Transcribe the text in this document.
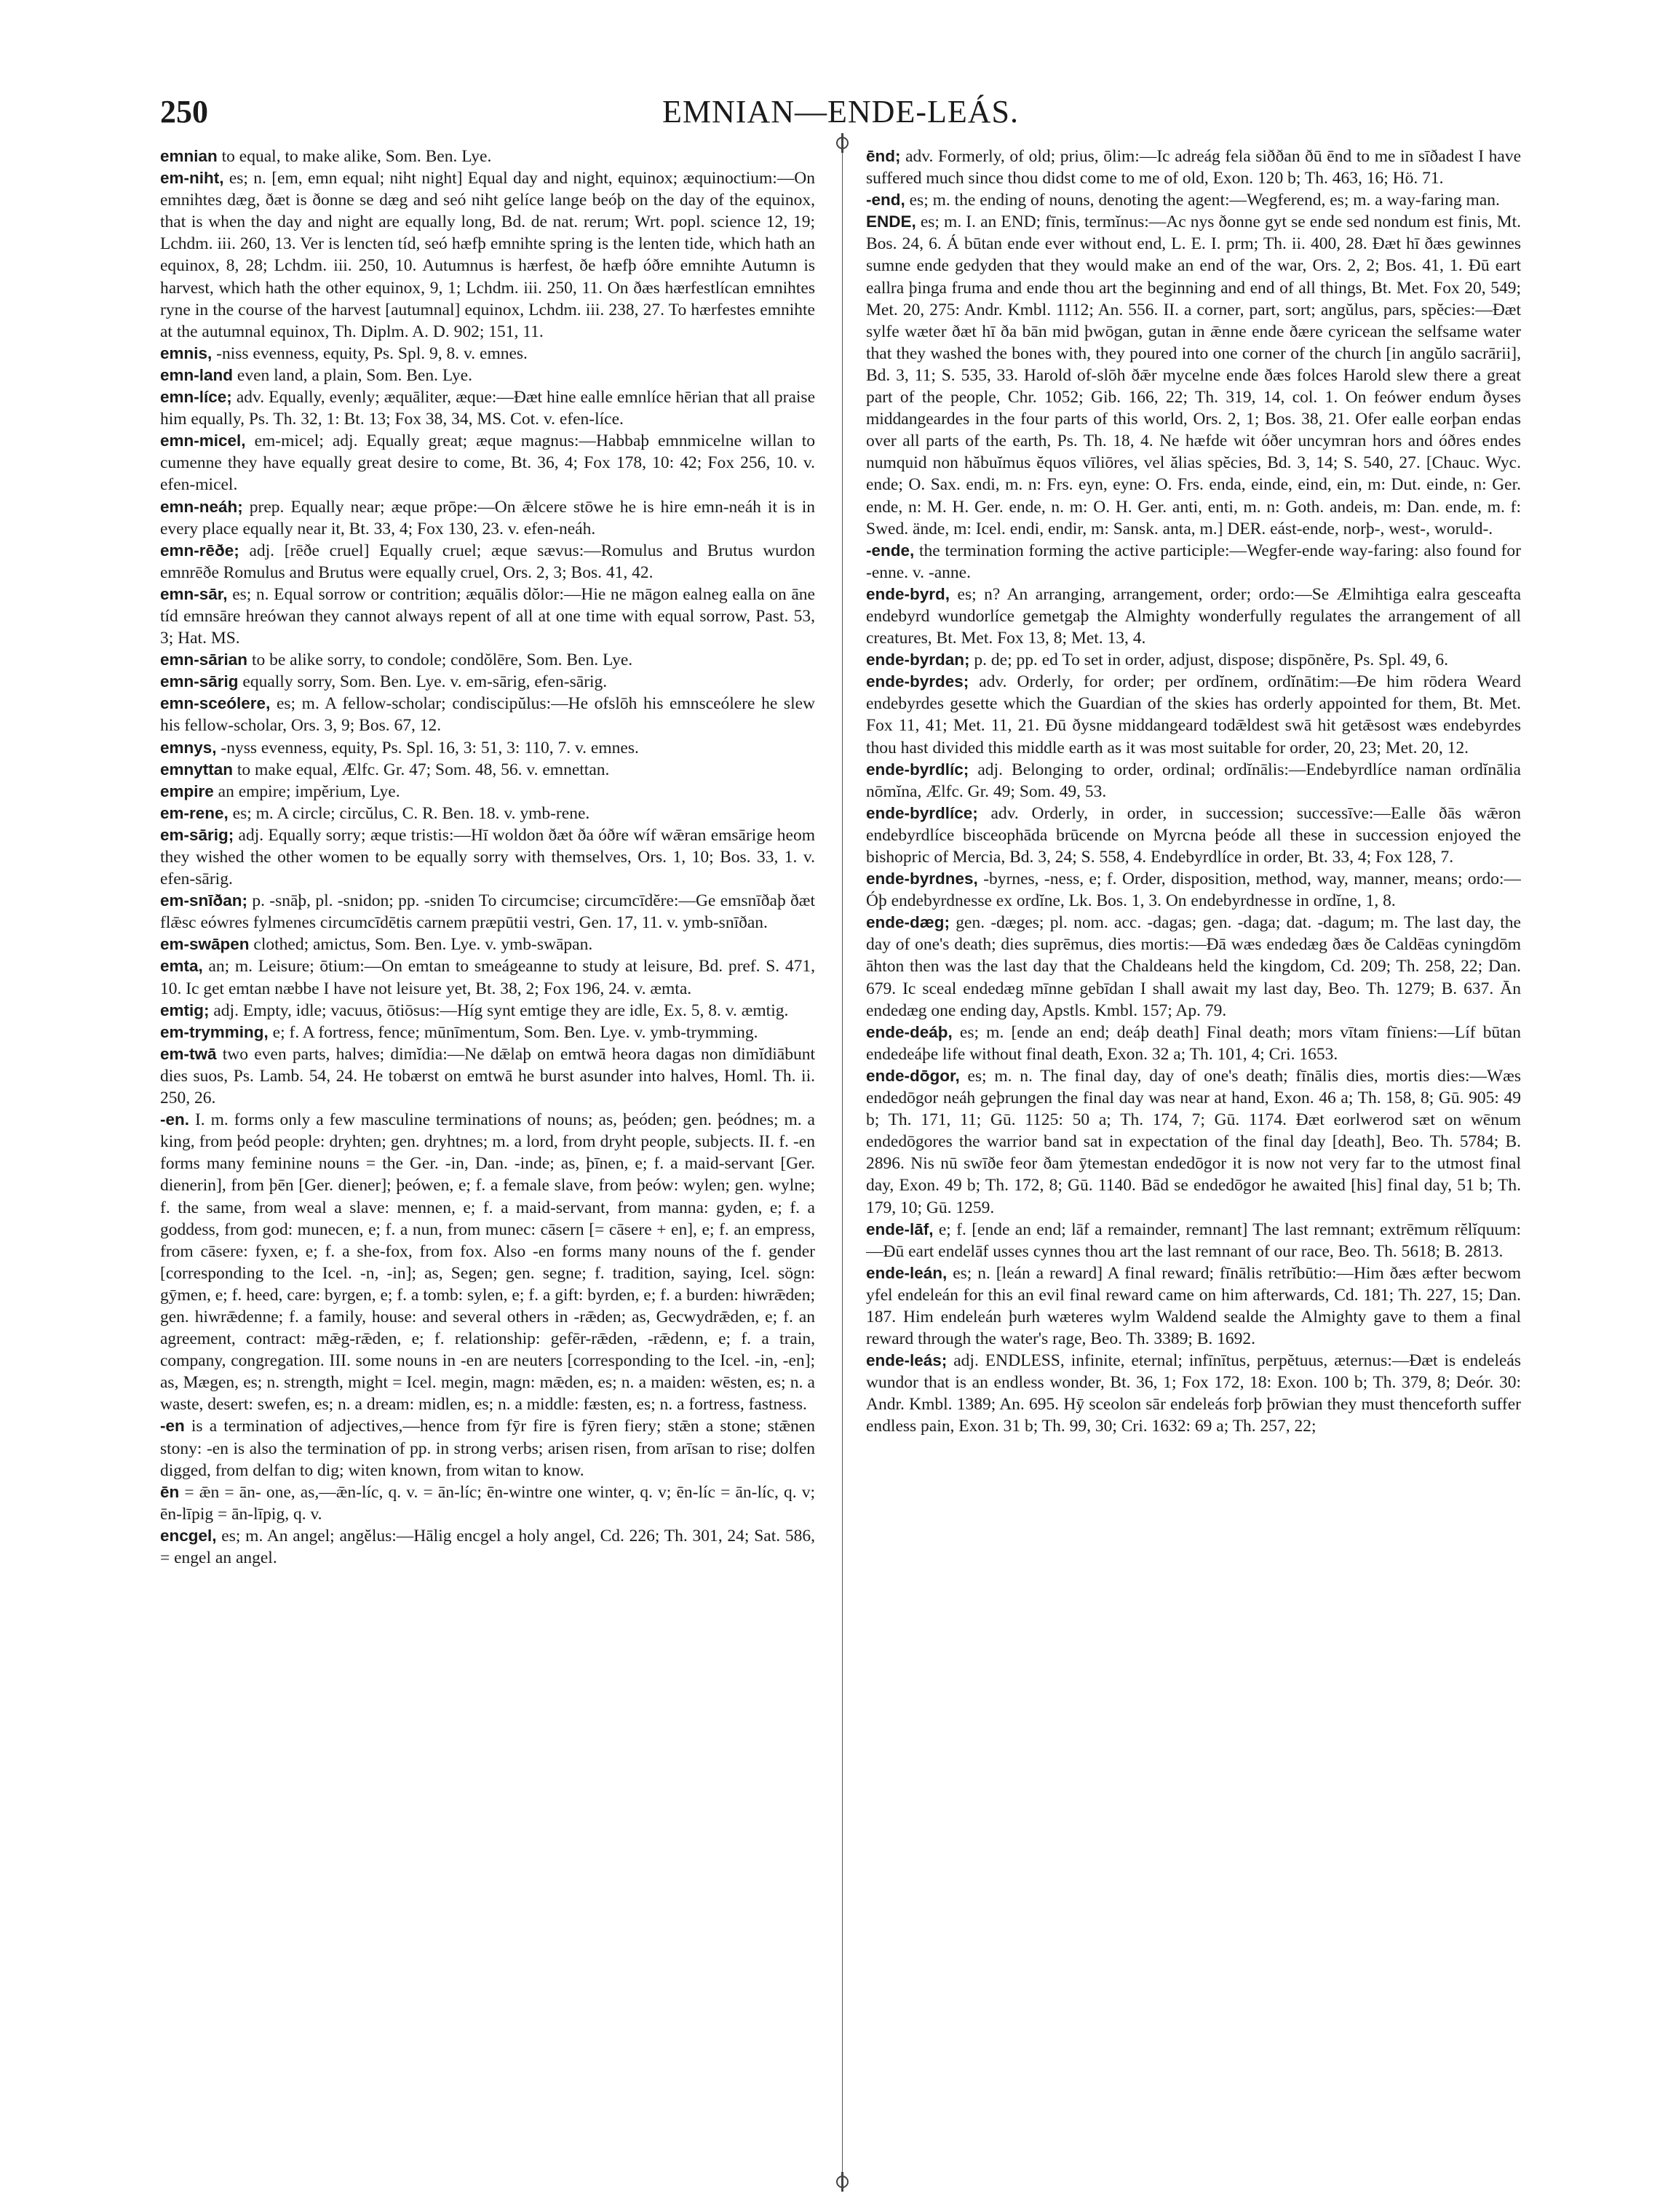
250	EMNIAN—ENDE-LEÁS.

emnian to equal, to make alike, Som. Ben. Lye.

em-niht, es; n. [em, emn equal; niht night] Equal day and night, equinox; æquinoctium:—On emnihtes dæg, ðæt is ðonne se dæg and seó niht gelíce lange beóþ on the day of the equinox, that is when the day and night are equally long, Bd. de nat. rerum; Wrt. popl. science 12, 19; Lchdm. iii. 260, 13. Ver is lencten tíd, seó hæfþ emnihte spring is the lenten tide, which hath an equinox, 8, 28; Lchdm. iii. 250, 10. Autumnus is hærfest, ðe hæfþ óðre emnihte Autumn is harvest, which hath the other equinox, 9, 1; Lchdm. iii. 250, 11. On ðæs hærfestlícan emnihtes ryne in the course of the harvest [autumnal] equinox, Lchdm. iii. 238, 27. To hærfestes emnihte at the autumnal equinox, Th. Diplm. A. D. 902; 151, 11.

emnis, -niss evenness, equity, Ps. Spl. 9, 8. v. emnes.

emn-land even land, a plain, Som. Ben. Lye.

emn-líce; adv. Equally, evenly; æquāliter, æque:—Ðæt hine ealle emnlíce hērian that all praise him equally, Ps. Th. 32, 1: Bt. 13; Fox 38, 34, MS. Cot. v. efen-líce.

emn-micel, em-micel; adj. Equally great; æque magnus:—Habbaþ emnmicelne willan to cumenne they have equally great desire to come, Bt. 36, 4; Fox 178, 10: 42; Fox 256, 10. v. efen-micel.

emn-neáh; prep. Equally near; æque prōpe:—On ǣlcere stōwe he is hire emn-neáh it is in every place equally near it, Bt. 33, 4; Fox 130, 23. v. efen-neáh.

emn-rēðe; adj. [rēðe cruel] Equally cruel; æque sævus:—Romulus and Brutus wurdon emnrēðe Romulus and Brutus were equally cruel, Ors. 2, 3; Bos. 41, 42.

emn-sār, es; n. Equal sorrow or contrition; æquālis dŏlor:—Hie ne māgon ealneg ealla on āne tíd emnsāre hreówan they cannot always repent of all at one time with equal sorrow, Past. 53, 3; Hat. MS.

emn-sārian to be alike sorry, to condole; condŏlēre, Som. Ben. Lye.

emn-sārig equally sorry, Som. Ben. Lye. v. em-sārig, efen-sārig.

emn-sceólere, es; m. A fellow-scholar; condiscipŭlus:—He ofslōh his emnsceólere he slew his fellow-scholar, Ors. 3, 9; Bos. 67, 12.

emnys, -nyss evenness, equity, Ps. Spl. 16, 3: 51, 3: 110, 7. v. emnes.

emnyttan to make equal, Ælfc. Gr. 47; Som. 48, 56. v. emnettan.

empire an empire; impĕrium, Lye.

em-rene, es; m. A circle; circŭlus, C. R. Ben. 18. v. ymb-rene.

em-sārig; adj. Equally sorry; æque tristis:—Hī woldon ðæt ða óðre wíf wǣran emsārige heom they wished the other women to be equally sorry with themselves, Ors. 1, 10; Bos. 33, 1. v. efen-sārig.

em-snīðan; p. -snāþ, pl. -snidon; pp. -sniden To circumcise; circumcīdĕre:—Ge emsnīðaþ ðæt flǣsc eówres fylmenes circumcīdētis carnem præpūtii vestri, Gen. 17, 11. v. ymb-snīðan.

em-swāpen clothed; amictus, Som. Ben. Lye. v. ymb-swāpan.

emta, an; m. Leisure; ōtium:—On emtan to smeágeanne to study at leisure, Bd. pref. S. 471, 10. Ic get emtan næbbe I have not leisure yet, Bt. 38, 2; Fox 196, 24. v. æmta.

emtig; adj. Empty, idle; vacuus, ōtiōsus:—Híg synt emtige they are idle, Ex. 5, 8. v. æmtig.

em-trymming, e; f. A fortress, fence; mūnīmentum, Som. Ben. Lye. v. ymb-trymming.

em-twā two even parts, halves; dimĭdia:—Ne dǣlaþ on emtwā heora dagas non dimĭdiābunt dies suos, Ps. Lamb. 54, 24. He tobærst on emtwā he burst asunder into halves, Homl. Th. ii. 250, 26.

-en. I. m. forms only a few masculine terminations of nouns; as, þeóden; gen. þeódnes; m. a king, from þeód people: dryhten; gen. dryhtnes; m. a lord, from dryht people, subjects. II. f. -en forms many feminine nouns = the Ger. -in, Dan. -inde; as, þīnen, e; f. a maid-servant [Ger. dienerin], from þēn [Ger. diener]; þeówen, e; f. a female slave, from þeów: wylen; gen. wylne; f. the same, from weal a slave: mennen, e; f. a maid-servant, from manna: gyden, e; f. a goddess, from god: munecen, e; f. a nun, from munec: cāsern [= cāsere + en], e; f. an empress, from cāsere: fyxen, e; f. a she-fox, from fox. Also -en forms many nouns of the f. gender [corresponding to the Icel. -n, -in]; as, Segen; gen. segne; f. tradition, saying, Icel. sögn: gȳmen, e; f. heed, care: byrgen, e; f. a tomb: sylen, e; f. a gift: byrden, e; f. a burden: hiwrǣden; gen. hiwrǣdenne; f. a family, house: and several others in -rǣden; as, Gecwydrǣden, e; f. an agreement, contract: mǣg-rǣden, e; f. relationship: gefēr-rǣden, -rǣdenn, e; f. a train, company, congregation. III. some nouns in -en are neuters [corresponding to the Icel. -in, -en]; as, Mægen, es; n. strength, might = Icel. megin, magn: mǣden, es; n. a maiden: wēsten, es; n. a waste, desert: swefen, es; n. a dream: midlen, es; n. a middle: fæsten, es; n. a fortress, fastness.

-en is a termination of adjectives,—hence from fȳr fire is fȳren fiery; stǣn a stone; stǣnen stony: -en is also the termination of pp. in strong verbs; arisen risen, from arīsan to rise; dolfen digged, from delfan to dig; witen known, from witan to know.

ēn = ǣn = ān- one, as,—ǣn-líc, q. v. = ān-líc; ēn-wintre one winter, q. v; ēn-líc = ān-líc, q. v; ēn-līpig = ān-līpig, q. v.

encgel, es; m. An angel; angĕlus:—Hālig encgel a holy angel, Cd. 226; Th. 301, 24; Sat. 586, = engel an angel.

ēnd; adv. Formerly, of old; prius, ōlim:—Ic adreág fela siððan ðū ēnd to me in sīðadest I have suffered much since thou didst come to me of old, Exon. 120 b; Th. 463, 16; Hö. 71.

-end, es; m. the ending of nouns, denoting the agent:—Wegferend, es; m. a way-faring man.

ENDE, es; m. I. an END; fīnis, termĭnus:—Ac nys ðonne gyt se ende sed nondum est finis, Mt. Bos. 24, 6. Á būtan ende ever without end, L. E. I. prm; Th. ii. 400, 28. Ðæt hī ðæs gewinnes sumne ende gedyden that they would make an end of the war, Ors. 2, 2; Bos. 41, 1. Ðū eart eallra þinga fruma and ende thou art the beginning and end of all things, Bt. Met. Fox 20, 549; Met. 20, 275: Andr. Kmbl. 1112; An. 556. II. a corner, part, sort; angŭlus, pars, spĕcies:—Ðæt sylfe wæter ðæt hī ða bān mid þwōgan, gutan in ǣnne ende ðære cyricean the selfsame water that they washed the bones with, they poured into one corner of the church [in angŭlo sacrārii], Bd. 3, 11; S. 535, 33. Harold of-slōh ðǣr mycelne ende ðæs folces Harold slew there a great part of the people, Chr. 1052; Gib. 166, 22; Th. 319, 14, col. 1. On feówer endum ðyses middangeardes in the four parts of this world, Ors. 2, 1; Bos. 38, 21. Ofer ealle eorþan endas over all parts of the earth, Ps. Th. 18, 4. Ne hæfde wit óðer uncymran hors and óðres endes numquid non hăbuĭmus ĕquos vīliōres, vel ălias spĕcies, Bd. 3, 14; S. 540, 27. [Chauc. Wyc. ende; O. Sax. endi, m. n: Frs. eyn, eyne: O. Frs. enda, einde, eind, ein, m: Dut. einde, n: Ger. ende, n: M. H. Ger. ende, n. m: O. H. Ger. anti, enti, m. n: Goth. andeis, m: Dan. ende, m. f: Swed. ände, m: Icel. endi, endir, m: Sansk. anta, m.] DER. eást-ende, norþ-, west-, woruld-.

-ende, the termination forming the active participle:—Wegfer-ende way-faring: also found for -enne. v. -anne.

ende-byrd, es; n? An arranging, arrangement, order; ordo:—Se Ælmihtiga ealra gesceafta endebyrd wundorlíce gemetgaþ the Almighty wonderfully regulates the arrangement of all creatures, Bt. Met. Fox 13, 8; Met. 13, 4.

ende-byrdan; p. de; pp. ed To set in order, adjust, dispose; dispōnĕre, Ps. Spl. 49, 6.

ende-byrdes; adv. Orderly, for order; per ordĭnem, ordĭnātim:—Ðe him rōdera Weard endebyrdes gesette which the Guardian of the skies has orderly appointed for them, Bt. Met. Fox 11, 41; Met. 11, 21. Ðū ðysne middangeard todǣldest swā hit getǣsost wæs endebyrdes thou hast divided this middle earth as it was most suitable for order, 20, 23; Met. 20, 12.

ende-byrdlíc; adj. Belonging to order, ordinal; ordĭnālis:—Endebyrdlíce naman ordĭnālia nōmĭna, Ælfc. Gr. 49; Som. 49, 53.

ende-byrdlíce; adv. Orderly, in order, in succession; successīve:—Ealle ðās wǣron endebyrdlíce bisceophāda brūcende on Myrcna þeóde all these in succession enjoyed the bishopric of Mercia, Bd. 3, 24; S. 558, 4. Endebyrdlíce in order, Bt. 33, 4; Fox 128, 7.

ende-byrdnes, -byrnes, -ness, e; f. Order, disposition, method, way, manner, means; ordo:—Óþ endebyrdnesse ex ordĭne, Lk. Bos. 1, 3. On endebyrdnesse in ordĭne, 1, 8.

ende-dæg; gen. -dæges; pl. nom. acc. -dagas; gen. -daga; dat. -dagum; m. The last day, the day of one's death; dies suprēmus, dies mortis:—Ðā wæs endedæg ðæs ðe Caldēas cyningdōm āhton then was the last day that the Chaldeans held the kingdom, Cd. 209; Th. 258, 22; Dan. 679. Ic sceal endedæg mīnne gebīdan I shall await my last day, Beo. Th. 1279; B. 637. Ān endedæg one ending day, Apstls. Kmbl. 157; Ap. 79.

ende-deáþ, es; m. [ende an end; deáþ death] Final death; mors vītam fīniens:—Líf būtan endedeáþe life without final death, Exon. 32 a; Th. 101, 4; Cri. 1653.

ende-dōgor, es; m. n. The final day, day of one's death; fīnālis dies, mortis dies:—Wæs endedōgor neáh geþrungen the final day was near at hand, Exon. 46 a; Th. 158, 8; Gū. 905: 49 b; Th. 171, 11; Gū. 1125: 50 a; Th. 174, 7; Gū. 1174. Ðæt eorlwerod sæt on wēnum endedōgores the warrior band sat in expectation of the final day [death], Beo. Th. 5784; B. 2896. Nis nū swīðe feor ðam ȳtemestan endedōgor it is now not very far to the utmost final day, Exon. 49 b; Th. 172, 8; Gū. 1140. Bād se endedōgor he awaited [his] final day, 51 b; Th. 179, 10; Gū. 1259.

ende-lāf, e; f. [ende an end; lāf a remainder, remnant] The last remnant; extrēmum rĕlĭquum:—Ðū eart endelāf usses cynnes thou art the last remnant of our race, Beo. Th. 5618; B. 2813.

ende-leán, es; n. [leán a reward] A final reward; fīnālis retrĭbūtio:—Him ðæs æfter becwom yfel endeleán for this an evil final reward came on him afterwards, Cd. 181; Th. 227, 15; Dan. 187. Him endeleán þurh wæteres wylm Waldend sealde the Almighty gave to them a final reward through the water's rage, Beo. Th. 3389; B. 1692.

ende-leás; adj. ENDLESS, infinite, eternal; infīnītus, perpĕtuus, æternus:—Ðæt is endeleás wundor that is an endless wonder, Bt. 36, 1; Fox 172, 18: Exon. 100 b; Th. 379, 8; Deór. 30: Andr. Kmbl. 1389; An. 695. Hȳ sceolon sār endeleás forþ þrōwian they must thenceforth suffer endless pain, Exon. 31 b; Th. 99, 30; Cri. 1632: 69 a; Th. 257, 22;
